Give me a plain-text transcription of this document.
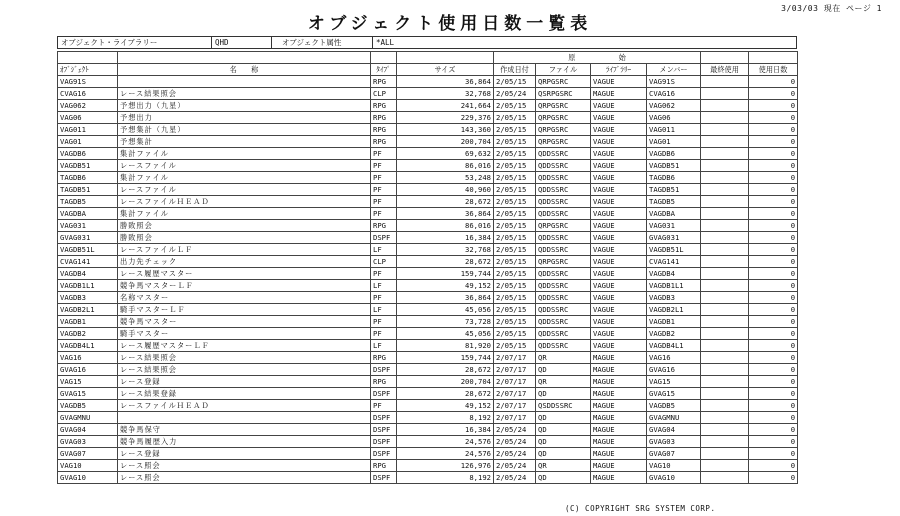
3/03/03 現在 ページ 1
オブジェクト使用日数一覧表
オブジェクト・ライブラリー	QHD	オブジェクト属性	*ALL
				原　　　　　　始					
ｵﾌﾞｼﾞｪｸﾄ	名　　称	ﾀｲﾌﾟ	サイズ	作成日付	ファイル	ﾗｲﾌﾞﾗﾘｰ	メンバー	最終使用	使用日数
VAG91S		RPG	36,864	2/05/15	QRPGSRC	VAGUE	VAG91S		0
CVAG16	レース結果照会	CLP	32,768	2/05/24	QSRPGSRC	MAGUE	CVAG16		0
VAG062	予想出力（九星）	RPG	241,664	2/05/15	QRPGSRC	VAGUE	VAG062		0
VAG06	予想出力	RPG	229,376	2/05/15	QRPGSRC	VAGUE	VAG06		0
VAG011	予想集計（九星）	RPG	143,360	2/05/15	QRPGSRC	VAGUE	VAG011		0
VAG01	予想集計	RPG	200,704	2/05/15	QRPGSRC	VAGUE	VAG01		0
VAGDB6	集計ファイル	PF	69,632	2/05/15	QDDSSRC	VAGUE	VAGDB6		0
VAGDB51	レースファイル	PF	86,016	2/05/15	QDDSSRC	VAGUE	VAGDB51		0
TAGDB6	集計ファイル	PF	53,248	2/05/15	QDDSSRC	VAGUE	TAGDB6		0
TAGDB51	レースファイル	PF	40,960	2/05/15	QDDSSRC	VAGUE	TAGDB51		0
TAGDB5	レースファイルＨＥＡＤ	PF	28,672	2/05/15	QDDSSRC	VAGUE	TAGDB5		0
VAGDBA	集計ファイル	PF	36,864	2/05/15	QDDSSRC	VAGUE	VAGDBA		0
VAG031	勝敗照会	RPG	86,016	2/05/15	QRPGSRC	VAGUE	VAG031		0
GVAG031	勝敗照会	DSPF	16,384	2/05/15	QDDSSRC	VAGUE	GVAG031		0
VAGDB51L	レースファイルＬＦ	LF	32,768	2/05/15	QDDSSRC	VAGUE	VAGDB51L		0
CVAG141	出力先チェック	CLP	28,672	2/05/15	QRPGSRC	VAGUE	CVAG141		0
VAGDB4	レース履歴マスター	PF	159,744	2/05/15	QDDSSRC	VAGUE	VAGDB4		0
VAGDB1L1	競争馬マスターＬＦ	LF	49,152	2/05/15	QDDSSRC	VAGUE	VAGDB1L1		0
VAGDB3	名称マスター	PF	36,864	2/05/15	QDDSSRC	VAGUE	VAGDB3		0
VAGDB2L1	騎手マスターＬＦ	LF	45,056	2/05/15	QDDSSRC	VAGUE	VAGDB2L1		0
VAGDB1	競争馬マスター	PF	73,728	2/05/15	QDDSSRC	VAGUE	VAGDB1		0
VAGDB2	騎手マスター	PF	45,056	2/05/15	QDDSSRC	VAGUE	VAGDB2		0
VAGDB4L1	レース履歴マスターＬＦ	LF	81,920	2/05/15	QDDSSRC	VAGUE	VAGDB4L1		0
VAG16	レース結果照会	RPG	159,744	2/07/17	QR	MAGUE	VAG16		0
GVAG16	レース結果照会	DSPF	28,672	2/07/17	QD	MAGUE	GVAG16		0
VAG15	レース登録	RPG	200,704	2/07/17	QR	MAGUE	VAG15		0
GVAG15	レース結果登録	DSPF	28,672	2/07/17	QD	MAGUE	GVAG15		0
VAGDB5	レースファイルＨＥＡＤ	PF	49,152	2/07/17	QSDDSSRC	MAGUE	VAGDB5		0
GVAGMNU		DSPF	8,192	2/07/17	QD	MAGUE	GVAGMNU		0
GVAG04	競争馬保守	DSPF	16,384	2/05/24	QD	MAGUE	GVAG04		0
GVAG03	競争馬履歴入力	DSPF	24,576	2/05/24	QD	MAGUE	GVAG03		0
GVAG07	レース登録	DSPF	24,576	2/05/24	QD	MAGUE	GVAG07		0
VAG10	レース照会	RPG	126,976	2/05/24	QR	MAGUE	VAG10		0
GVAG10	レース照会	DSPF	8,192	2/05/24	QD	MAGUE	GVAG10		0
(C) COPYRIGHT SRG SYSTEM CORP.
